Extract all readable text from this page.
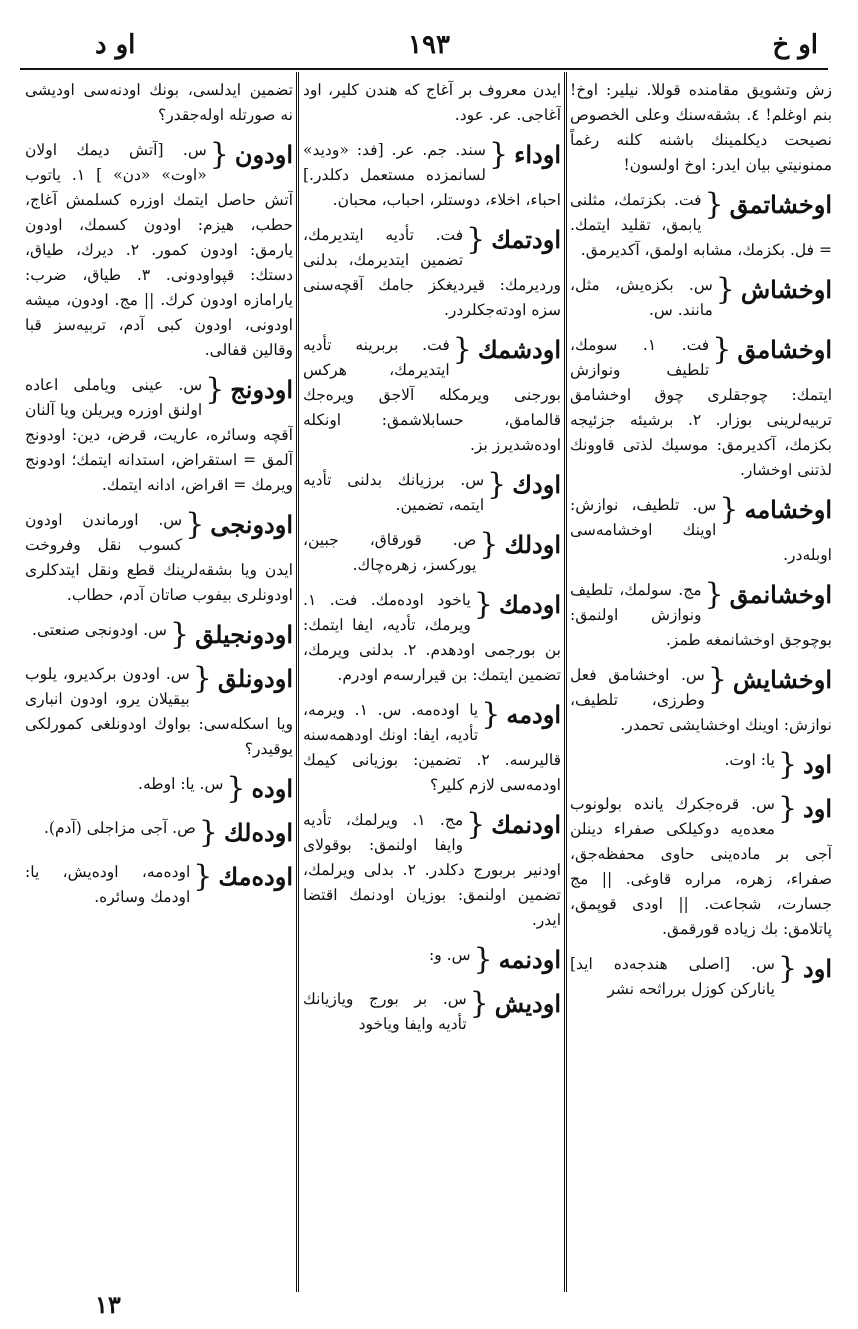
او خ
١٩٣
او د
زش وتشويق مقامنده قوللا. نيلير: اوخ! بنم اوغلم! ٤. بشقه‌سنك وعلى الخصوص نصيحت ديكلمينك باشنه كلنه رغماً ممنونيتي بيان ايدر: اوخ اولسون!
اوخشاتمق
{
فت. بكزتمك، مثلنى يابمق، تقليد ايتمك. = فل. بكزمك، مشابه اولمق، آكديرمق.
اوخشاش
{
س. بكزه‌يش، مثل، مانند. س.
اوخشامق
{
فت. ١. سومك، تلطيف ونوازش ايتمك: چوجقلرى چوق اوخشامق تربيه‌لرينى بوزار. ٢. برشيئه جزئيجه بكزمك، آكديرمق: موسيك لذتى قاوونك لذتنى اوخشار.
اوخشامه
{
س. تلطيف، نوازش: اوينك اوخشامه‌سى اوبله‌در.
اوخشانمق
{
مج. سولمك، تلطيف ونوازش اولنمق: بوچوجق اوخشانمغه طمز.
اوخشايش
{
س. اوخشامق فعل وطرزى، تلطيف، نوازش: اوينك اوخشايشى تحمدر.
اود
{
يا: اوت.
اود
{
س. قره‌جكرك يانده بولونوب معده‌يه دوكيلكى صفراء دينلن آجى بر ماده‌ينى حاوى محفظه‌جق، صفراء، زهره، مراره قاوغى. || مج جسارت، شجاعت. || اودى قوپمق، پاتلامق: بك زياده قورقمق.
اود
{
س. [اصلى هندجه‌ده ايد] ياناركن كوزل برراثحه نشر
ايدن معروف بر آغاج كه هندن كلير، اود آغاجى. عر. عود.
اوداء
{
سند. جم. عر. [فد: «وديد» لسانمزده مستعمل دكلدر.] احباء، اخلاء، دوستلر، احباب، محبان.
اودتمك
{
فت. تأديه ايتديرمك، تضمين ايتديرمك، بدلنى ورديرمك: قيرديغكز جامك آقچه‌سنى سزه اودته‌جكلردر.
اودشمك
{
فت. بربرينه تأديه ايتديرمك، هركس بورجنى ويرمكله آلاجق ويره‌جك قالمامق، حسابلاشمق: اونكله اوده‌شديرز بز.
اودك
{
س. برزيانك بدلنى تأديه ايتمه، تضمين.
اودلك
{
ص. قورقاق، جبين، يوركسز، زهره‌چاك.
اودمك
{
ياخود اوده‌مك. فت. ١. ويرمك، تأديه، ايفا ايتمك: بن بورجمى اودهدم. ٢. بدلنى ويرمك، تضمين ايتمك: بن قيرارسه‌م اودرم.
اودمه
{
يا اوده‌مه. س. ١. ويرمه، تأديه، ايفا: اونك اودهمه‌سنه قاليرسه. ٢. تضمين: بوزيانى كيمك اودمه‌سى لازم كلير؟
اودنمك
{
مج. ١. ويرلمك، تأديه وايفا اولنمق: بوقولاى اودنير بربورج دكلدر. ٢. بدلى ويرلمك، تضمين اولنمق: بوزيان اودنمك اقتضا ايدر.
اودنمه
{
س. و:
اوديش
{
س. بر بورج ويازيانك تأديه وايفا وياخود
تضمين ايدلسى، بونك اودنه‌سى اوديشى نه صورتله اوله‌جقدر؟
اودون
{
س. [آتش ديمك اولان «اوت» «دن» ] ١. ياتوب آتش حاصل ايتمك اوزره كسلمش آغاج، حطب، هيزم: اودون كسمك، اودون يارمق: اودون كمور. ٢. ديرك، طياق، دستك: قپواودونى. ٣. طياق، ضرب: يارامازه اودون كرك. || مج. اودون، ميشه اودونى، اودون كبى آدم، تربيه‌سز قبا وقالين قفالى.
اودونج
{
س. عينى وياملى اعاده اولنق اوزره ويريلن ويا آلنان آقچه وسائره، عاريت، قرض، دين: اودونج آلمق = استقراض، استدانه ايتمك؛ اودونج ويرمك = اقراض، ادانه ايتمك.
اودونجى
{
س. اورماندن اودون كسوب نقل وفروخت ايدن ويا بشقه‌لرينك قطع ونقل ايتدكلرى اودونلرى بيفوب صاتان آدم، حطاب.
اودونجيلق
{
س. اودونجى صنعتى.
اودونلق
{
س. اودون بركديرو، يلوب بيقيلان يرو، اودون انبارى ويا اسكله‌سى: بواوك اودونلغى كمورلكى يوقيدر؟
اوده
{
س. يا: اوطه.
اوده‌لك
{
ص. آجى مزاجلى (آدم).
اوده‌مك
{
اوده‌مه، اوده‌يش، يا: اودمك وسائره.
١٣
